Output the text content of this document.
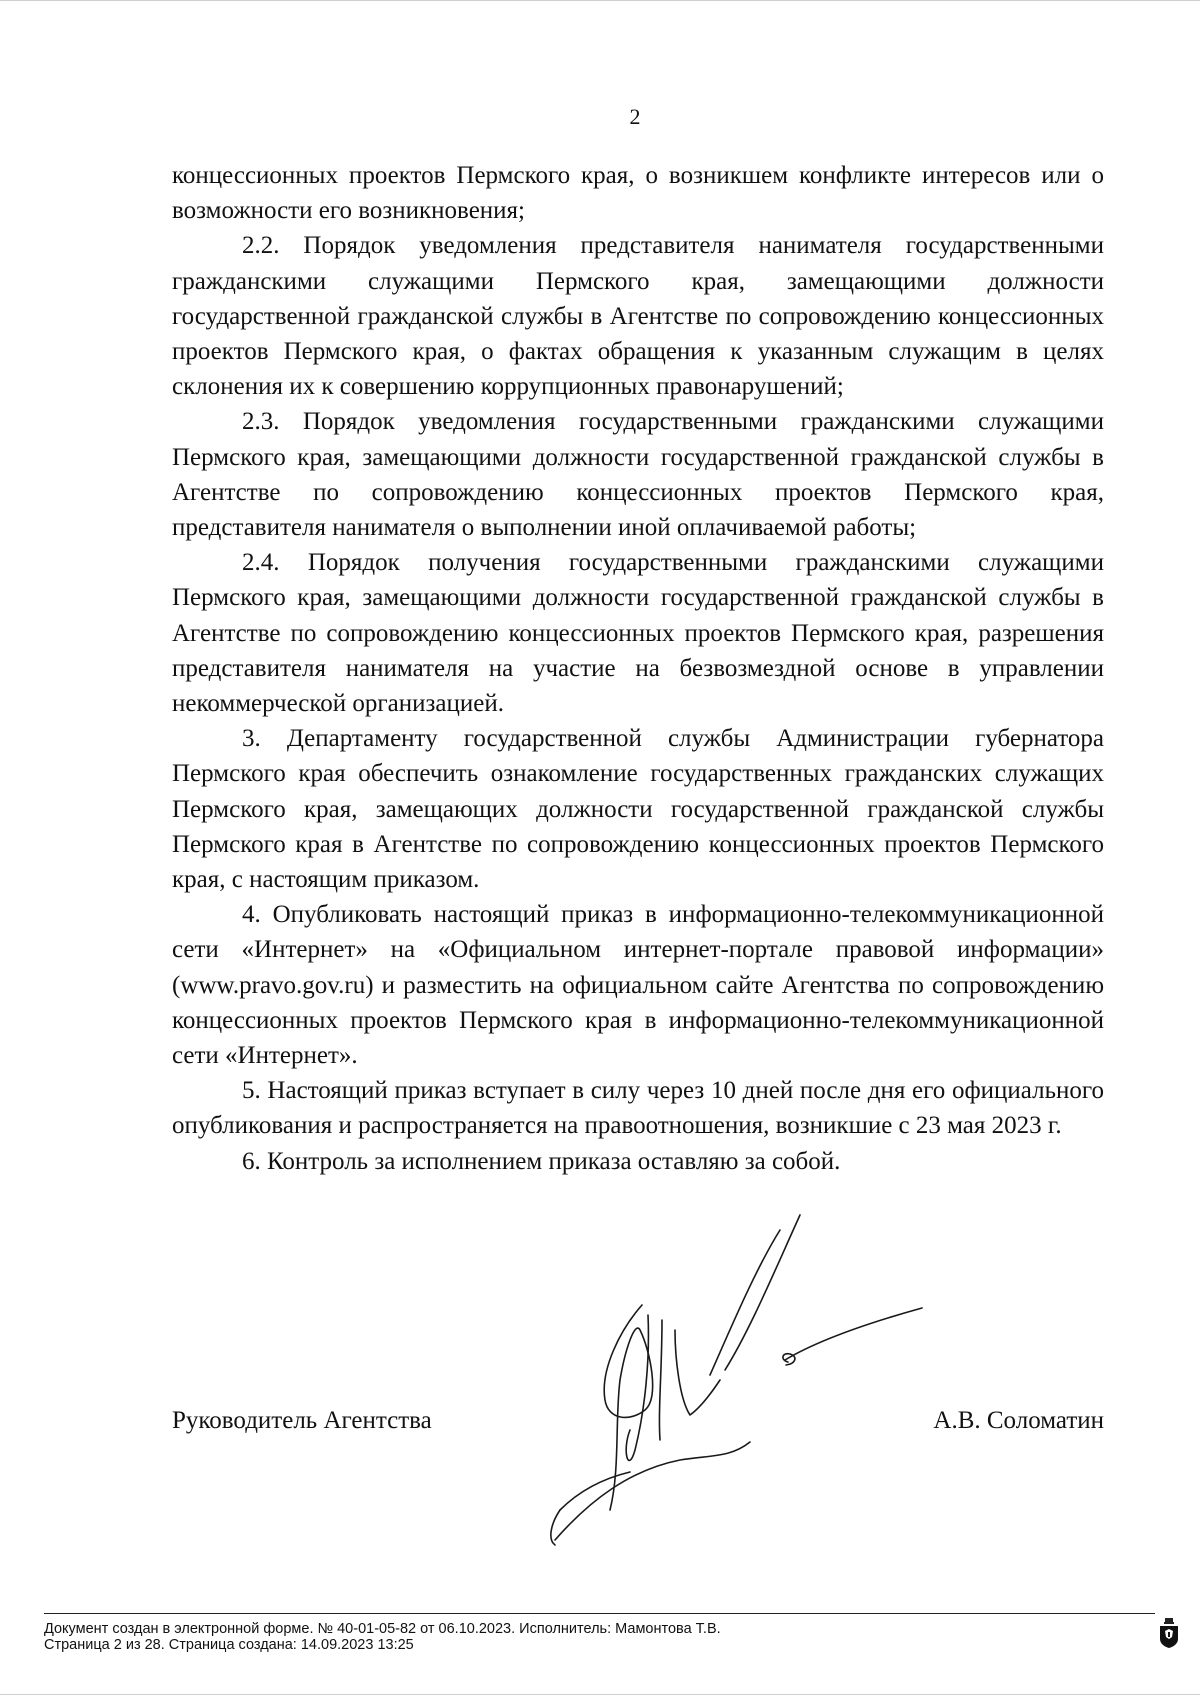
2

концессионных проектов Пермского края, о возникшем конфликте интересов или о возможности его возникновения;

2.2. Порядок уведомления представителя нанимателя государственными гражданскими служащими Пермского края, замещающими должности государственной гражданской службы в Агентстве по сопровождению концессионных проектов Пермского края, о фактах обращения к указанным служащим в целях склонения их к совершению коррупционных правонарушений;

2.3. Порядок уведомления государственными гражданскими служащими Пермского края, замещающими должности государственной гражданской службы в Агентстве по сопровождению концессионных проектов Пермского края, представителя нанимателя о выполнении иной оплачиваемой работы;

2.4. Порядок получения государственными гражданскими служащими Пермского края, замещающими должности государственной гражданской службы в Агентстве по сопровождению концессионных проектов Пермского края, разрешения представителя нанимателя на участие на безвозмездной основе в управлении некоммерческой организацией.

3. Департаменту государственной службы Администрации губернатора Пермского края обеспечить ознакомление государственных гражданских служащих Пермского края, замещающих должности государственной гражданской службы Пермского края в Агентстве по сопровождению концессионных проектов Пермского края, с настоящим приказом.

4. Опубликовать настоящий приказ в информационно-телекоммуникационной сети «Интернет» на «Официальном интернет-портале правовой информации» (www.pravo.gov.ru) и разместить на официальном сайте Агентства по сопровождению концессионных проектов Пермского края в информационно-телекоммуникационной сети «Интернет».

5. Настоящий приказ вступает в силу через 10 дней после дня его официального опубликования и распространяется на правоотношения, возникшие с 23 мая 2023 г.

6. Контроль за исполнением приказа оставляю за собой.

Руководитель Агентства	А.В. Соломатин
Документ создан в электронной форме. № 40-01-05-82 от 06.10.2023. Исполнитель: Мамонтова Т.В.
Страница 2 из 28. Страница создана: 14.09.2023 13:25
